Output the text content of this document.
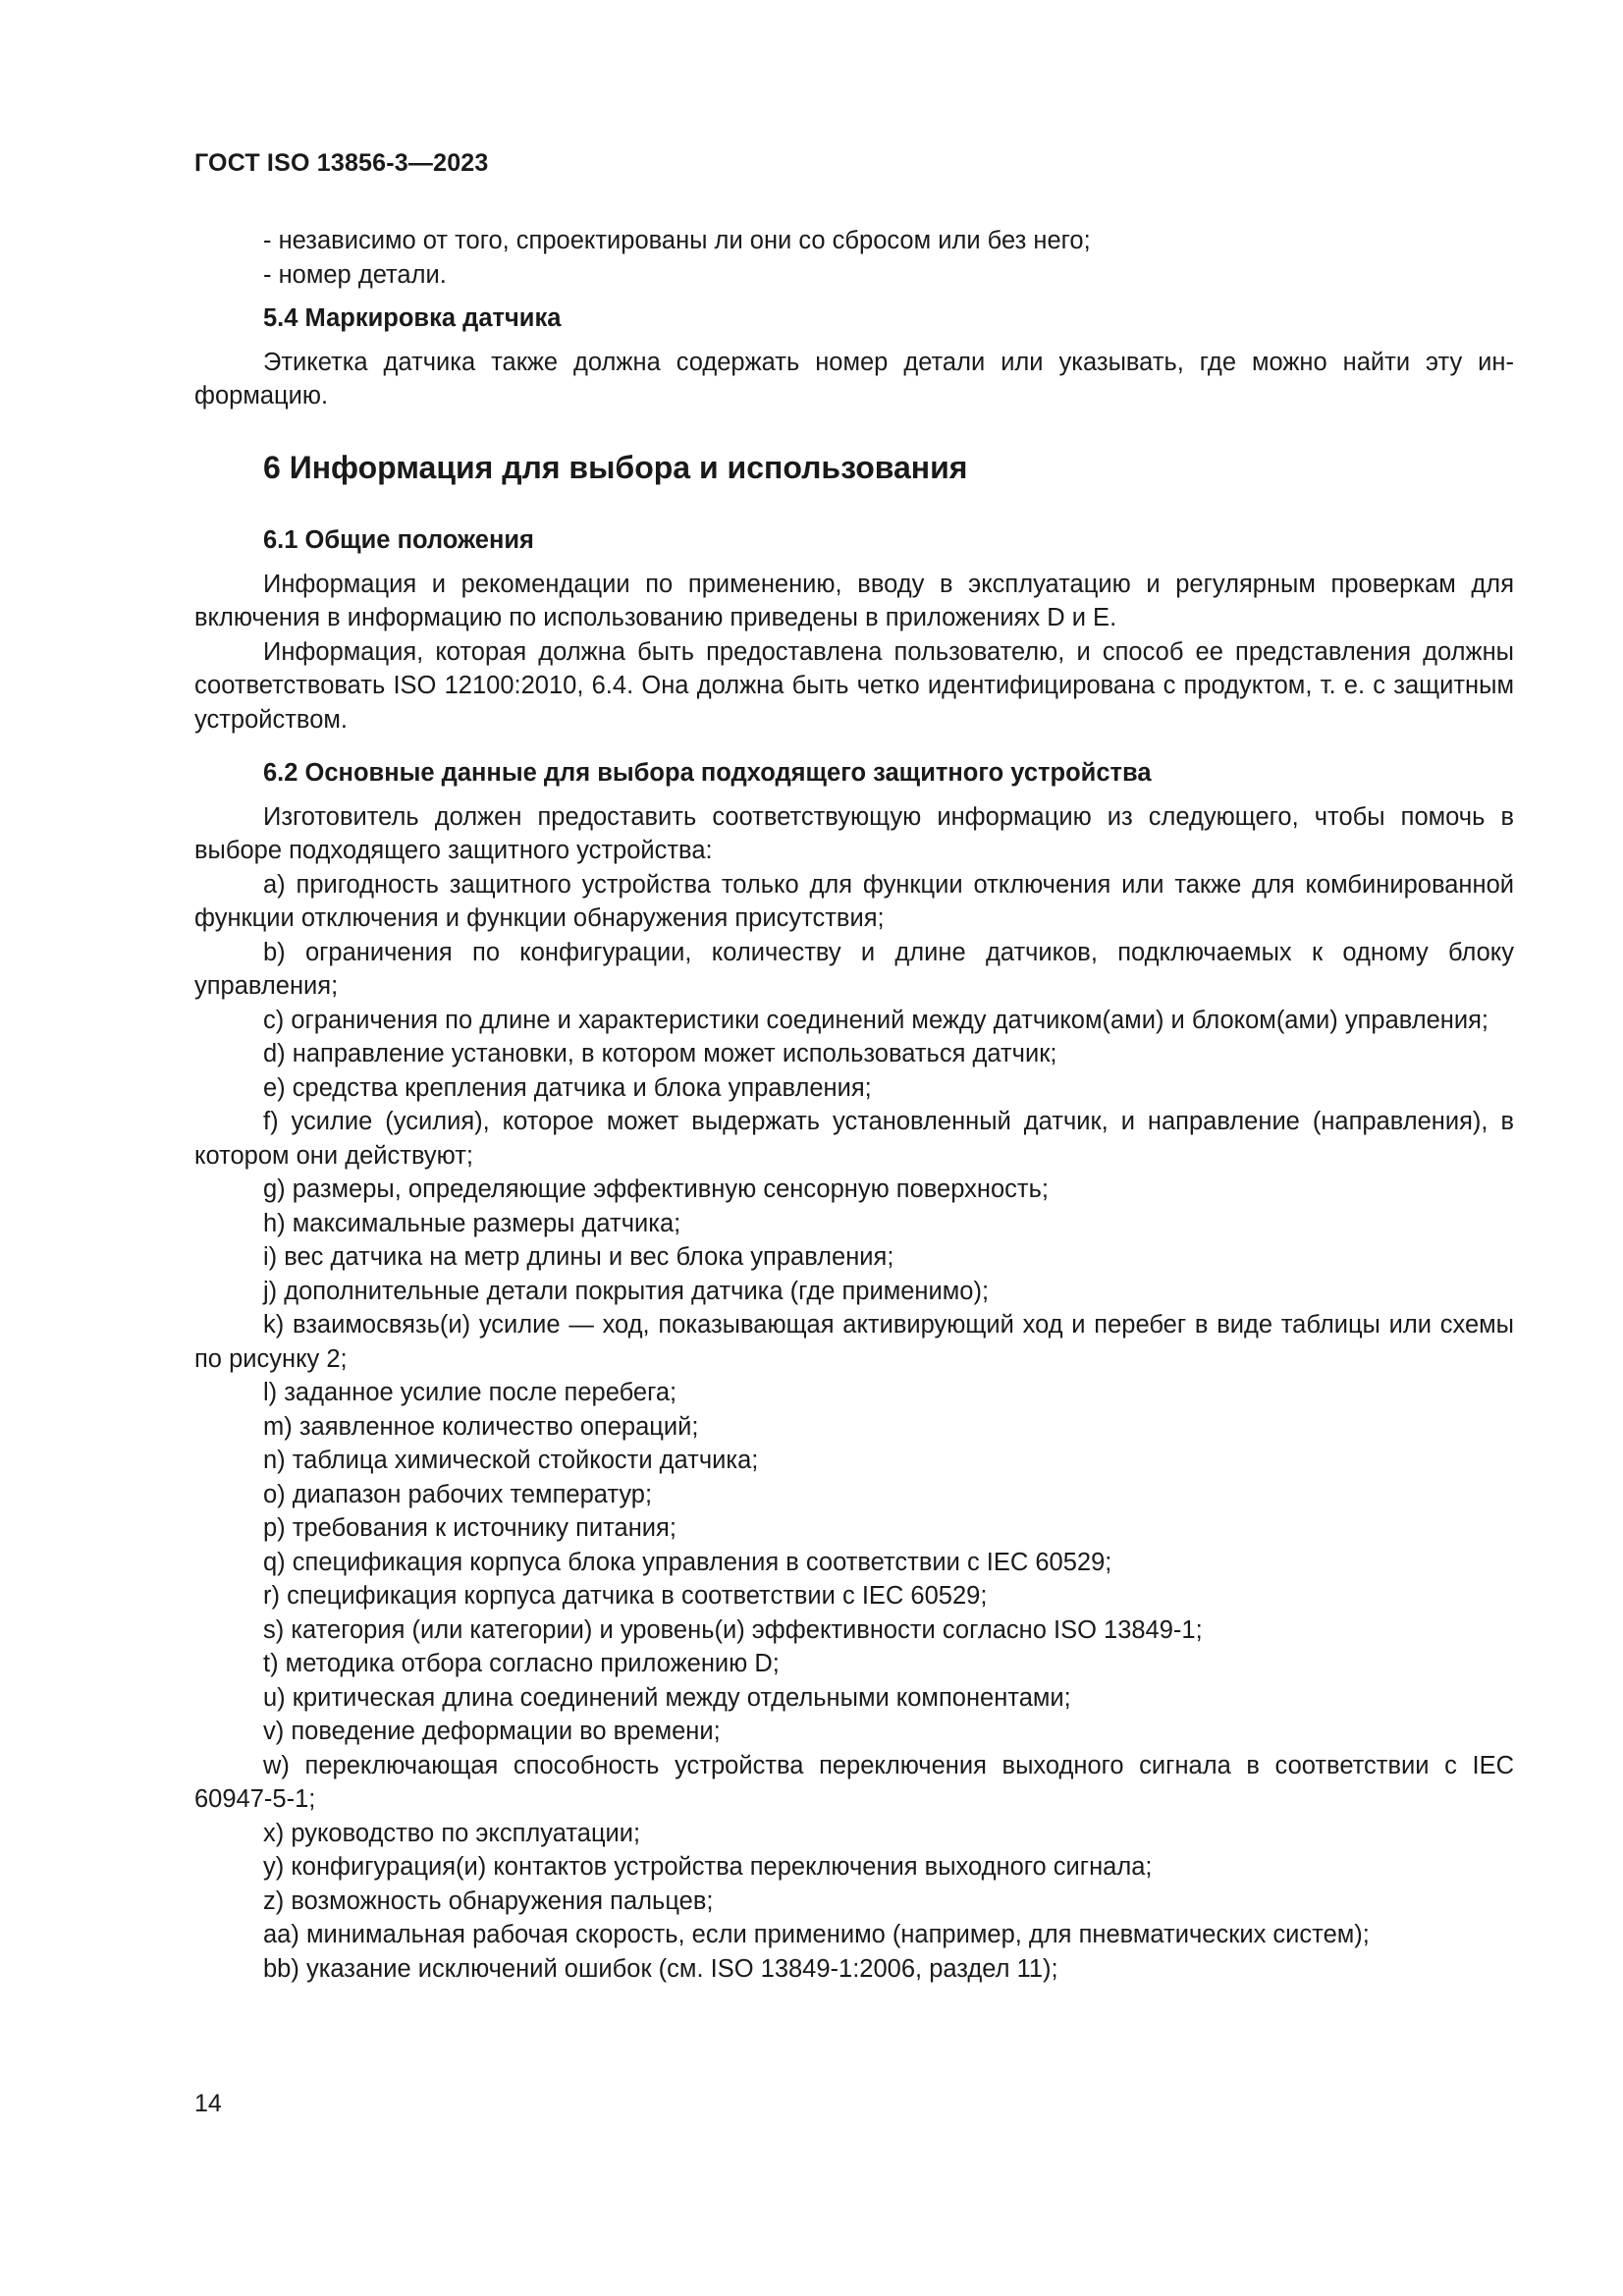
ГОСТ ISO 13856-3—2023
- независимо от того, спроектированы ли они со сбросом или без него;
- номер детали.
5.4 Маркировка датчика

Этикетка датчика также должна содержать номер детали или указывать, где можно найти эту информацию.

6 Информация для выбора и использования
6.1 Общие положения

Информация и рекомендации по применению, вводу в эксплуатацию и регулярным проверкам для включения в информацию по использованию приведены в приложениях D и E.

Информация, которая должна быть предоставлена пользователю, и способ ее представления должны соответствовать ISO 12100:2010, 6.4. Она должна быть четко идентифицирована с продуктом, т. е. с защитным устройством.

6.2 Основные данные для выбора подходящего защитного устройства

Изготовитель должен предоставить соответствующую информацию из следующего, чтобы помочь в выборе подходящего защитного устройства:

a) пригодность защитного устройства только для функции отключения или также для комбинированной функции отключения и функции обнаружения присутствия;
b) ограничения по конфигурации, количеству и длине датчиков, подключаемых к одному блоку управления;
c) ограничения по длине и характеристики соединений между датчиком(ами) и блоком(ами) управления;
d) направление установки, в котором может использоваться датчик;
e) средства крепления датчика и блока управления;
f) усилие (усилия), которое может выдержать установленный датчик, и направление (направления), в котором они действуют;
g) размеры, определяющие эффективную сенсорную поверхность;
h) максимальные размеры датчика;
i) вес датчика на метр длины и вес блока управления;
j) дополнительные детали покрытия датчика (где применимо);
k) взаимосвязь(и) усилие — ход, показывающая активирующий ход и перебег в виде таблицы или схемы по рисунку 2;
l) заданное усилие после перебега;
m) заявленное количество операций;
n) таблица химической стойкости датчика;
o) диапазон рабочих температур;
p) требования к источнику питания;
q) спецификация корпуса блока управления в соответствии с IEC 60529;
r) спецификация корпуса датчика в соответствии с IEC 60529;
s) категория (или категории) и уровень(и) эффективности согласно ISO 13849-1;
t) методика отбора согласно приложению D;
u) критическая длина соединений между отдельными компонентами;
v) поведение деформации во времени;
w) переключающая способность устройства переключения выходного сигнала в соответствии с IEC 60947-5-1;
x) руководство по эксплуатации;
y) конфигурация(и) контактов устройства переключения выходного сигнала;
z) возможность обнаружения пальцев;
aa) минимальная рабочая скорость, если применимо (например, для пневматических систем);
bb) указание исключений ошибок (см. ISO 13849-1:2006, раздел 11);
14
